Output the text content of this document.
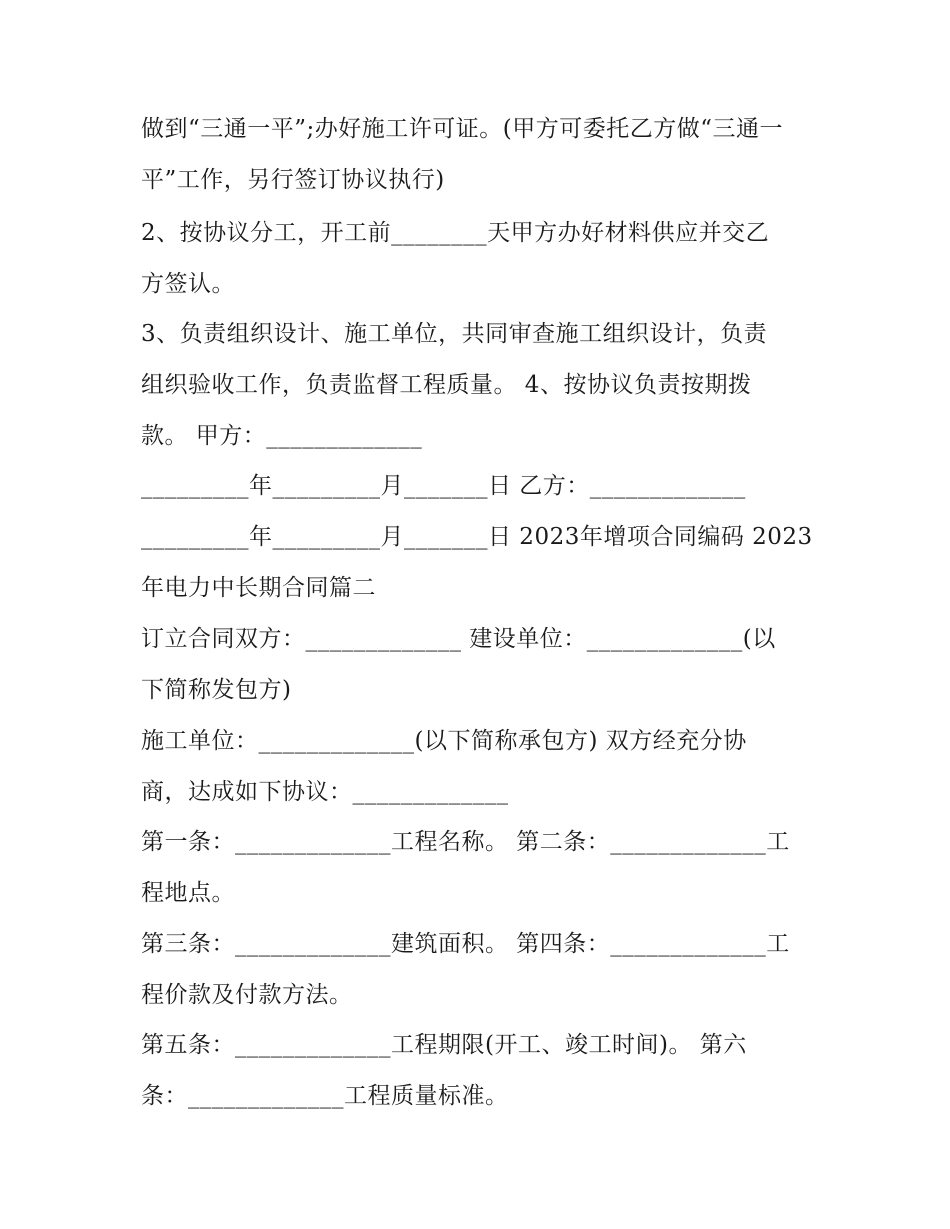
做到“三通一平”;办好施工许可证。(甲方可委托乙方做“三通一
平”工作，另行签订协议执行)
2、按协议分工，开工前________天甲方办好材料供应并交乙
方签认。
3、负责组织设计、施工单位，共同审查施工组织设计，负责
组织验收工作，负责监督工程质量。 4、按协议负责按期拨
款。 甲方：_____________
_________年_________月_______日 乙方：_____________
_________年_________月_______日 2023年增项合同编码 2023
年电力中长期合同篇二
订立合同双方：_____________ 建设单位：_____________(以
下简称发包方)
施工单位：_____________(以下简称承包方) 双方经充分协
商，达成如下协议：_____________
第一条：_____________工程名称。 第二条：_____________工
程地点。
第三条：_____________建筑面积。 第四条：_____________工
程价款及付款方法。
第五条：_____________工程期限(开工、竣工时间)。 第六
条：_____________工程质量标准。
